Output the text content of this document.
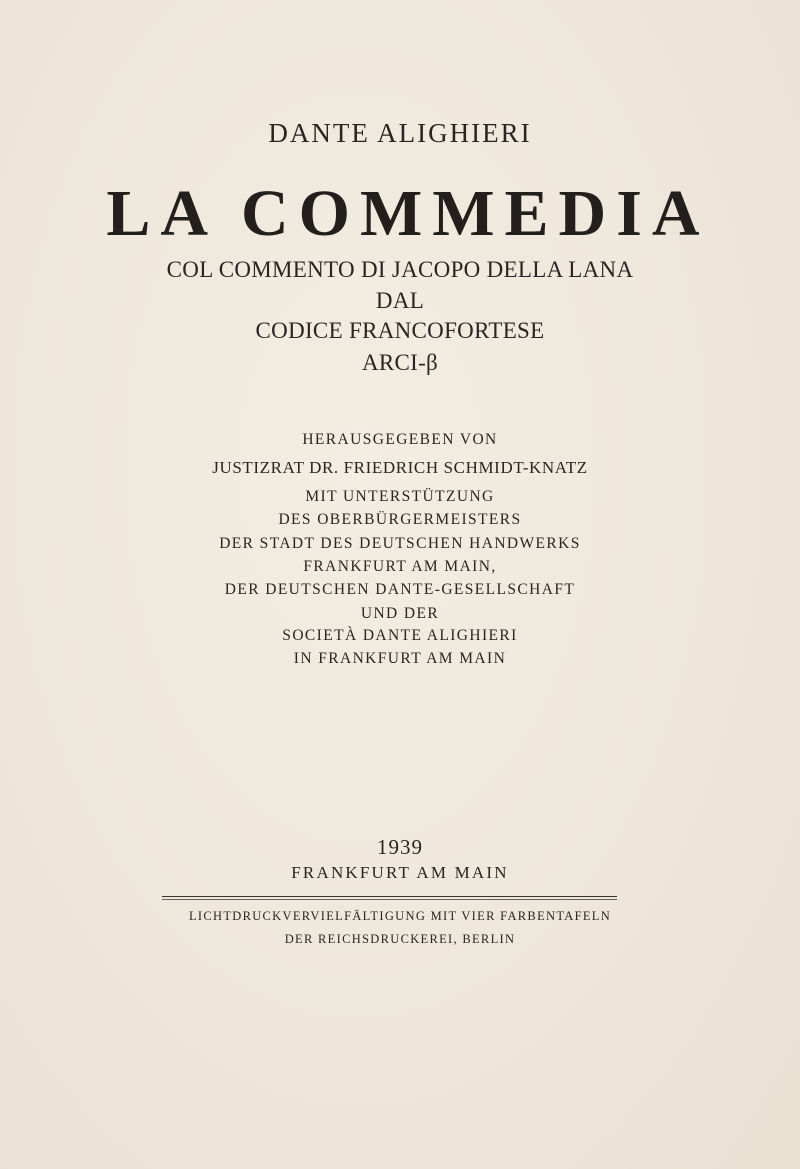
DANTE ALIGHIERI
LA COMMEDIA
COL COMMENTO DI JACOPO DELLA LANA
DAL
CODICE FRANCOFORTESE
ARCI-β
HERAUSGEGEBEN VON
JUSTIZRAT DR. FRIEDRICH SCHMIDT-KNATZ
MIT UNTERSTÜTZUNG
DES OBERBÜRGERMEISTERS
DER STADT DES DEUTSCHEN HANDWERKS
FRANKFURT AM MAIN,
DER DEUTSCHEN DANTE-GESELLSCHAFT
UND DER
SOCIETÀ DANTE ALIGHIERI
IN FRANKFURT AM MAIN
1939
FRANKFURT AM MAIN
LICHTDRUCKVERVIELFÄLTIGUNG MIT VIER FARBENTAFELN
DER REICHSDRUCKEREI, BERLIN
